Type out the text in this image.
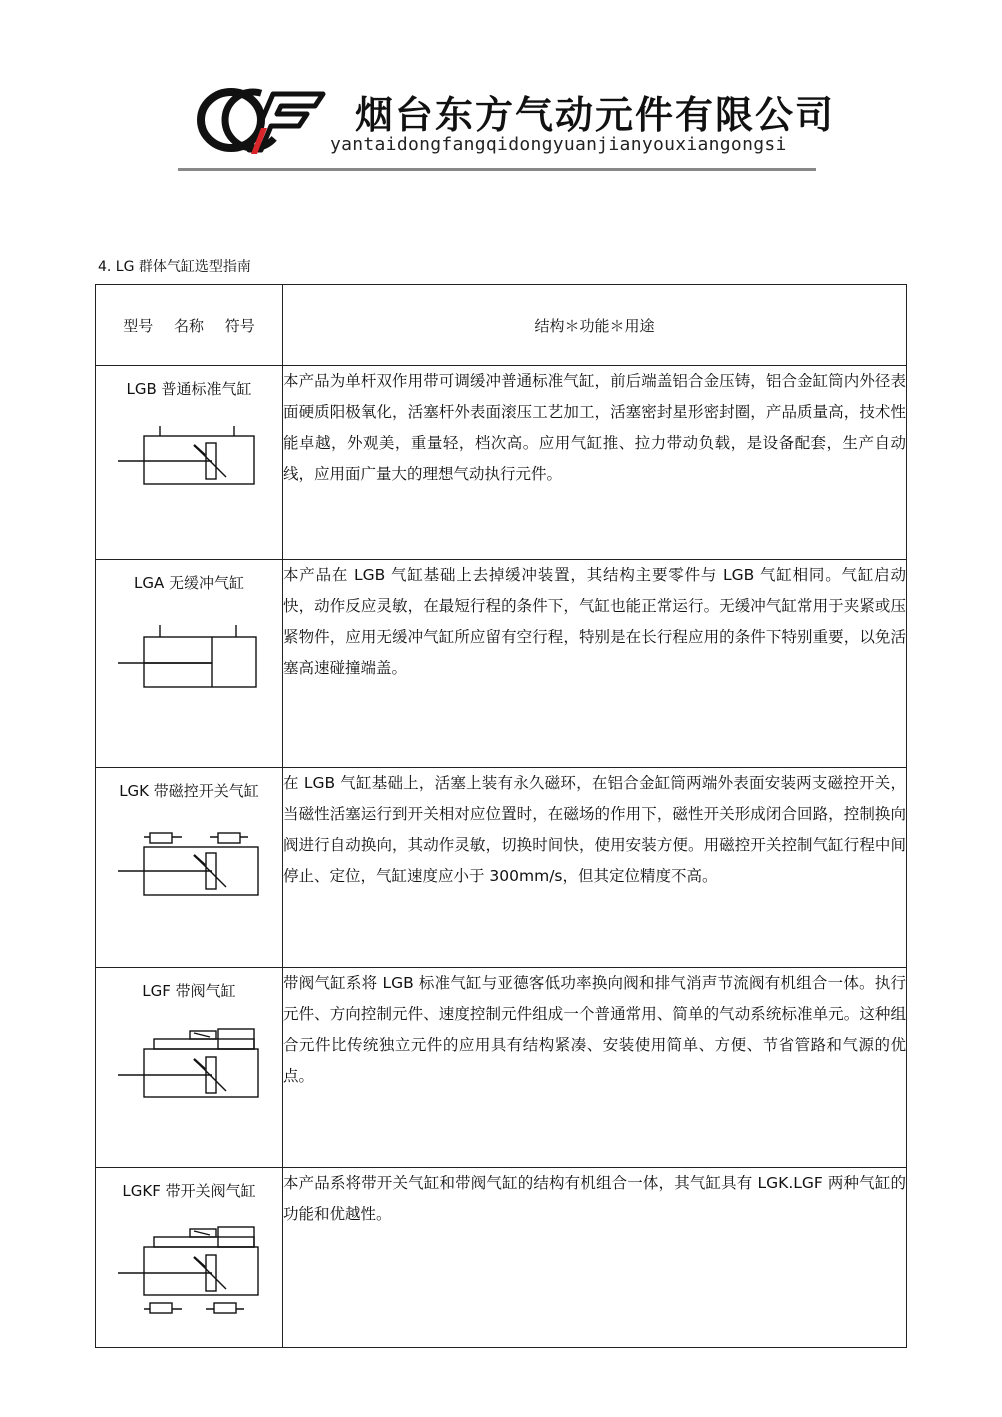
烟台东方气动元件有限公司
yantaidongfangqidongyuanjianyouxiangongsi
4. LG 群体气缸选型指南
型号 名称 符号	结构＊功能＊用途

LGB 普通标准气缸	本产品为单杆双作用带可调缓冲普通标准气缸，前后端盖铝合金压铸，铝合金缸筒内外径表面硬质阳极氧化，活塞杆外表面滚压工艺加工，活塞密封星形密封圈，产品质量高，技术性能卓越，外观美，重量轻，档次高。应用气缸推、拉力带动负载，是设备配套，生产自动线，应用面广量大的理想气动执行元件。

LGA 无缓冲气缸	本产品在 LGB 气缸基础上去掉缓冲装置，其结构主要零件与 LGB 气缸相同。气缸启动快，动作反应灵敏，在最短行程的条件下，气缸也能正常运行。无缓冲气缸常用于夹紧或压紧物件，应用无缓冲气缸所应留有空行程，特别是在长行程应用的条件下特别重要，以免活塞高速碰撞端盖。

LGK 带磁控开关气缸	在 LGB 气缸基础上，活塞上装有永久磁环，在铝合金缸筒两端外表面安装两支磁控开关，当磁性活塞运行到开关相对应位置时，在磁场的作用下，磁性开关形成闭合回路，控制换向阀进行自动换向，其动作灵敏，切换时间快，使用安装方便。用磁控开关控制气缸行程中间停止、定位，气缸速度应小于 300mm/s，但其定位精度不高。

LGF 带阀气缸	带阀气缸系将 LGB 标准气缸与亚德客低功率换向阀和排气消声节流阀有机组合一体。执行元件、方向控制元件、速度控制元件组成一个普通常用、简单的气动系统标准单元。这种组合元件比传统独立元件的应用具有结构紧凑、安装使用简单、方便、节省管路和气源的优点。

LGKF 带开关阀气缸	本产品系将带开关气缸和带阀气缸的结构有机组合一体，其气缸具有 LGK.LGF 两种气缸的功能和优越性。
